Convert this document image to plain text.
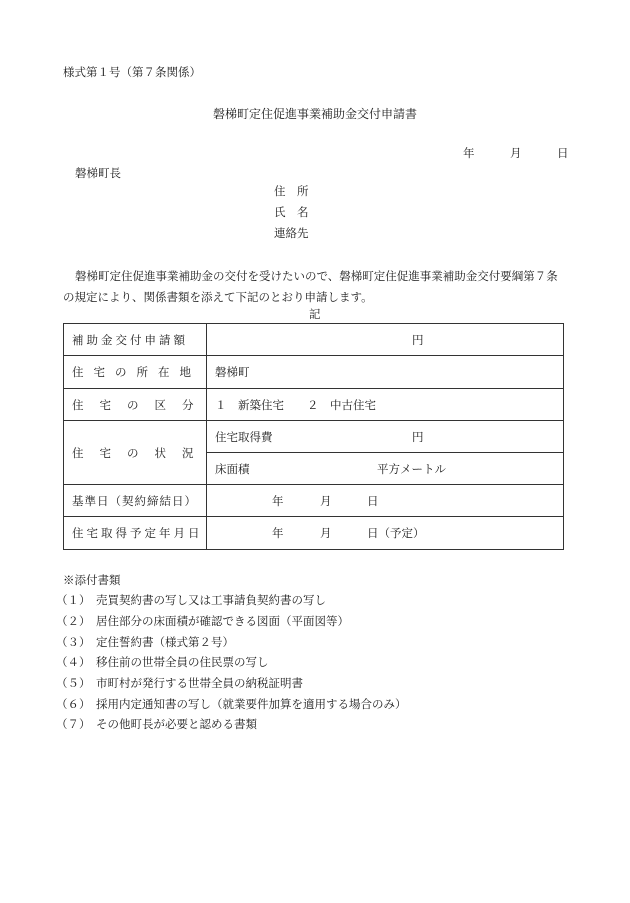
様式第１号（第７条関係）
磐梯町定住促進事業補助金交付申請書
年	月	日
磐梯町長
住　所
氏　名
連絡先
磐梯町定住促進事業補助金の交付を受けたいので、磐梯町定住促進事業補助金交付要綱第７条の規定により、関係書類を添えて下記のとおり申請します。
記
補助金交付申請額	円

住宅の所在地	磐梯町

住宅の区分	１　新築住宅　　２　中古住宅

住宅の状況	住宅取得費 円

	床面積 平方メートル

基準日（契約締結日）	年 月 日

住宅取得予定年月日	年 月 日（予定）
※添付書類
（１） 売買契約書の写し又は工事請負契約書の写し
（２） 居住部分の床面積が確認できる図面（平面図等）
（３） 定住誓約書（様式第２号）
（４） 移住前の世帯全員の住民票の写し
（５） 市町村が発行する世帯全員の納税証明書
（６） 採用内定通知書の写し（就業要件加算を適用する場合のみ）
（７） その他町長が必要と認める書類
